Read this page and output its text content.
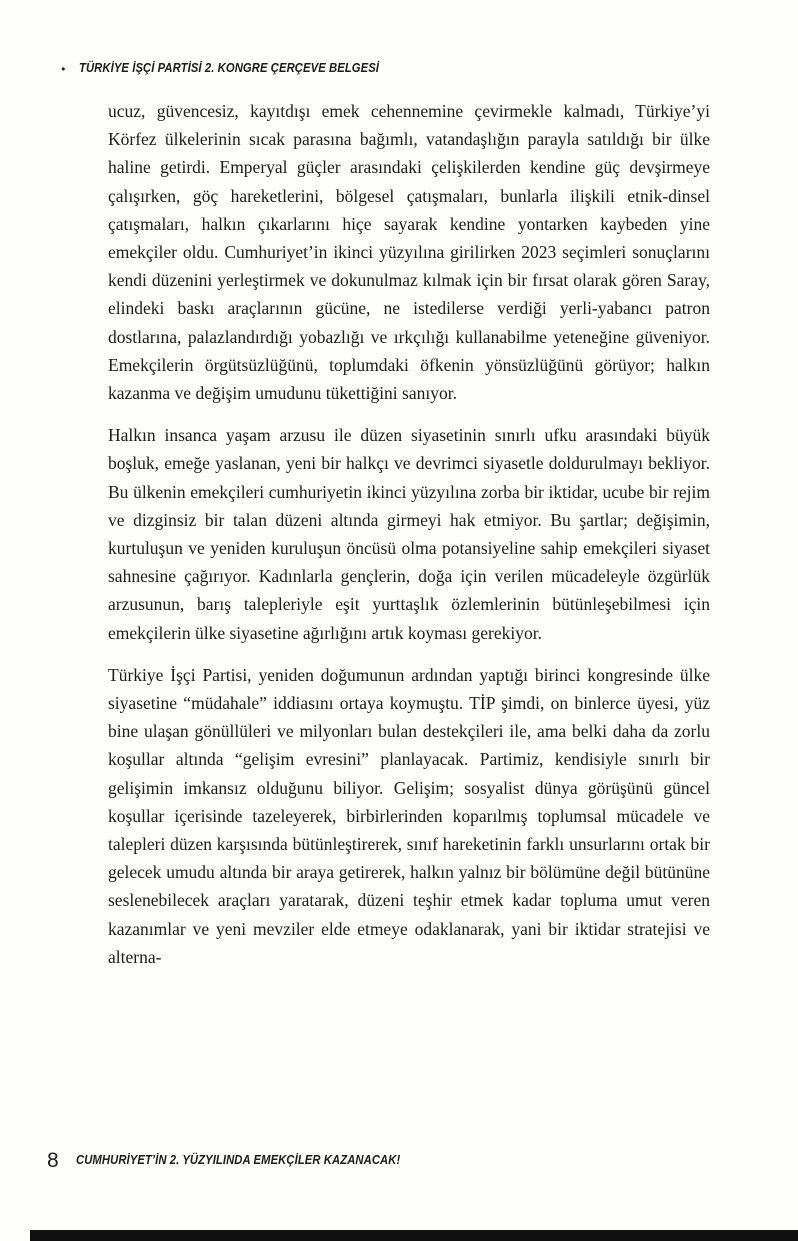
• TÜRKİYE İŞÇİ PARTİSİ 2. KONGRE ÇERÇEVE BELGESİ

ucuz, güvencesiz, kayıtdışı emek cehennemine çevirmekle kalmadı, Türkiye’yi Körfez ülkelerinin sıcak parasına bağımlı, vatandaşlığın parayla satıldığı bir ülke haline getirdi. Emperyal güçler arasındaki çelişkilerden kendine güç devşirmeye çalışırken, göç hareketlerini, bölgesel çatışmaları, bunlarla ilişkili etnik-dinsel çatışmaları, halkın çıkarlarını hiçe sayarak kendine yontarken kaybeden yine emekçiler oldu. Cumhuriyet’in ikinci yüzyılına girilirken 2023 seçimleri sonuçlarını kendi düzenini yerleştirmek ve dokunulmaz kılmak için bir fırsat olarak gören Saray, elindeki baskı araçlarının gücüne, ne istedilerse verdiği yerli-yabancı patron dostlarına, palazlandırdığı yobazlığı ve ırkçılığı kullanabilme yeteneğine güveniyor. Emekçilerin örgütsüzlüğünü, toplumdaki öfkenin yönsüzlüğünü görüyor; halkın kazanma ve değişim umudunu tükettiğini sanıyor.

Halkın insanca yaşam arzusu ile düzen siyasetinin sınırlı ufku arasındaki büyük boşluk, emeğe yaslanan, yeni bir halkçı ve devrimci siyasetle doldurulmayı bekliyor. Bu ülkenin emekçileri cumhuriyetin ikinci yüzyılına zorba bir iktidar, ucube bir rejim ve dizginsiz bir talan düzeni altında girmeyi hak etmiyor. Bu şartlar; değişimin, kurtuluşun ve yeniden kuruluşun öncüsü olma potansiyeline sahip emekçileri siyaset sahnesine çağırıyor. Kadınlarla gençlerin, doğa için verilen mücadeleyle özgürlük arzusunun, barış talepleriyle eşit yurttaşlık özlemlerinin bütünleşebilmesi için emekçilerin ülke siyasetine ağırlığını artık koyması gerekiyor.

Türkiye İşçi Partisi, yeniden doğumunun ardından yaptığı birinci kongresinde ülke siyasetine “müdahale” iddiasını ortaya koymuştu. TİP şimdi, on binlerce üyesi, yüz bine ulaşan gönüllüleri ve milyonları bulan destekçileri ile, ama belki daha da zorlu koşullar altında “gelişim evresini” planlayacak. Partimiz, kendisiyle sınırlı bir gelişimin imkansız olduğunu biliyor. Gelişim; sosyalist dünya görüşünü güncel koşullar içerisinde tazeleyerek, birbirlerinden koparılmış toplumsal mücadele ve talepleri düzen karşısında bütünleştirerek, sınıf hareketinin farklı unsurlarını ortak bir gelecek umudu altında bir araya getirerek, halkın yalnız bir bölümüne değil bütününe seslenebilecek araçları yaratarak, düzeni teşhir etmek kadar topluma umut veren kazanımlar ve yeni mevziler elde etmeye odaklanarak, yani bir iktidar stratejisi ve alterna-

8 CUMHURİYET’İN 2. YÜZYILINDA EMEKÇİLER KAZANACAK!
